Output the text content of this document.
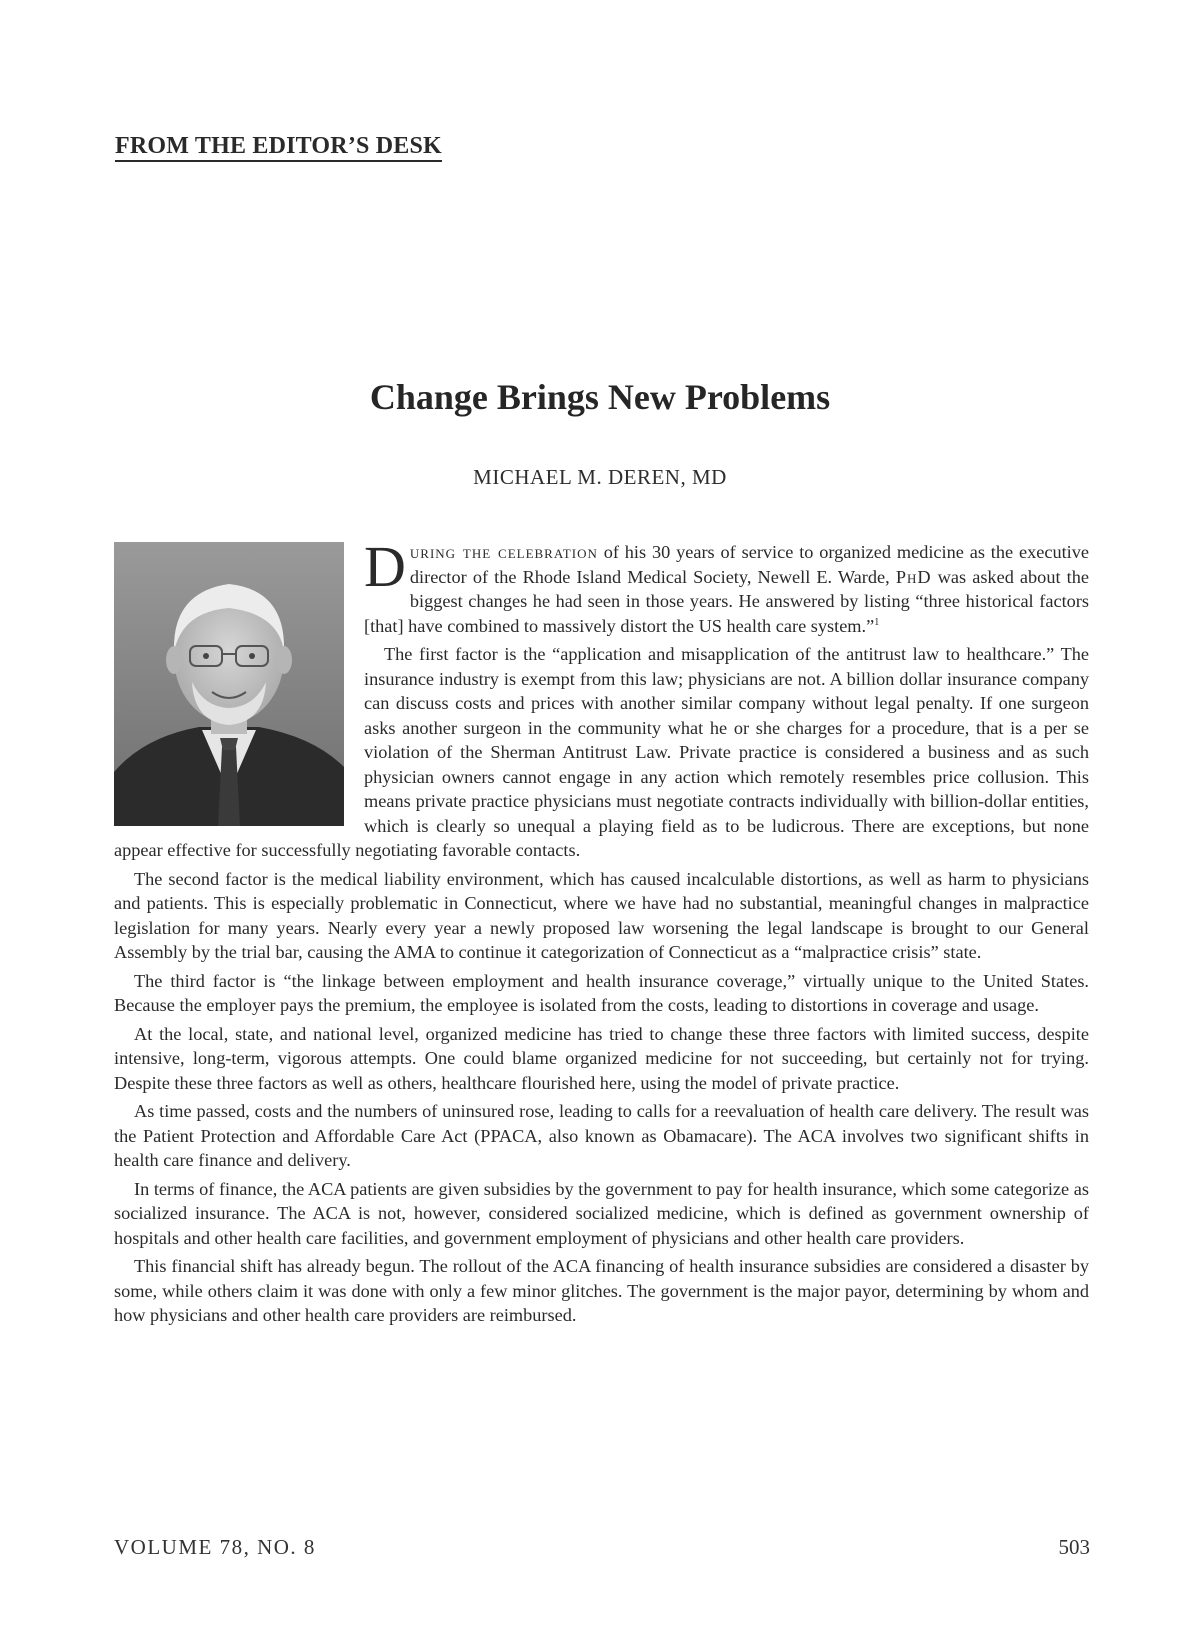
FROM THE EDITOR’S DESK
Change Brings New Problems
MICHAEL M. DEREN, MD

During the celebration of his 30 years of service to organized medicine as the executive director of the Rhode Island Medical Society, Newell E. Warde, PhD was asked about the biggest changes he had seen in those years. He answered by listing “three historical factors [that] have combined to massively distort the US health care system.”$^1$

The first factor is the “application and misapplication of the antitrust law to healthcare.” The insurance industry is exempt from this law; physicians are not. A billion dollar insurance company can discuss costs and prices with another similar company without legal penalty. If one surgeon asks another surgeon in the community what he or she charges for a procedure, that is a per se violation of the Sherman Antitrust Law. Private practice is considered a business and as such physician owners cannot engage in any action which remotely resembles price collusion. This means private practice physicians must negotiate contracts individually with billion-dollar entities, which is clearly so unequal a playing field as to be ludicrous. There are exceptions, but none appear effective for successfully negotiating favorable contacts.

The second factor is the medical liability environment, which has caused incalculable distortions, as well as harm to physicians and patients. This is especially problematic in Connecticut, where we have had no substantial, meaningful changes in malpractice legislation for many years. Nearly every year a newly proposed law worsening the legal landscape is brought to our General Assembly by the trial bar, causing the AMA to continue it categorization of Connecticut as a “malpractice crisis” state.

The third factor is “the linkage between employment and health insurance coverage,” virtually unique to the United States. Because the employer pays the premium, the employee is isolated from the costs, leading to distortions in coverage and usage.

At the local, state, and national level, organized medicine has tried to change these three factors with limited success, despite intensive, long-term, vigorous attempts. One could blame organized medicine for not succeeding, but certainly not for trying. Despite these three factors as well as others, healthcare flourished here, using the model of private practice.

As time passed, costs and the numbers of uninsured rose, leading to calls for a reevaluation of health care delivery. The result was the Patient Protection and Affordable Care Act (PPACA, also known as Obamacare). The ACA involves two significant shifts in health care finance and delivery.

In terms of finance, the ACA patients are given subsidies by the government to pay for health insurance, which some categorize as socialized insurance. The ACA is not, however, considered socialized medicine, which is defined as government ownership of hospitals and other health care facilities, and government employment of physicians and other health care providers.

This financial shift has already begun. The rollout of the ACA financing of health insurance subsidies are considered a disaster by some, while others claim it was done with only a few minor glitches. The government is the major payor, determining by whom and how physicians and other health care providers are reimbursed.

VOLUME 78, NO. 8	503
